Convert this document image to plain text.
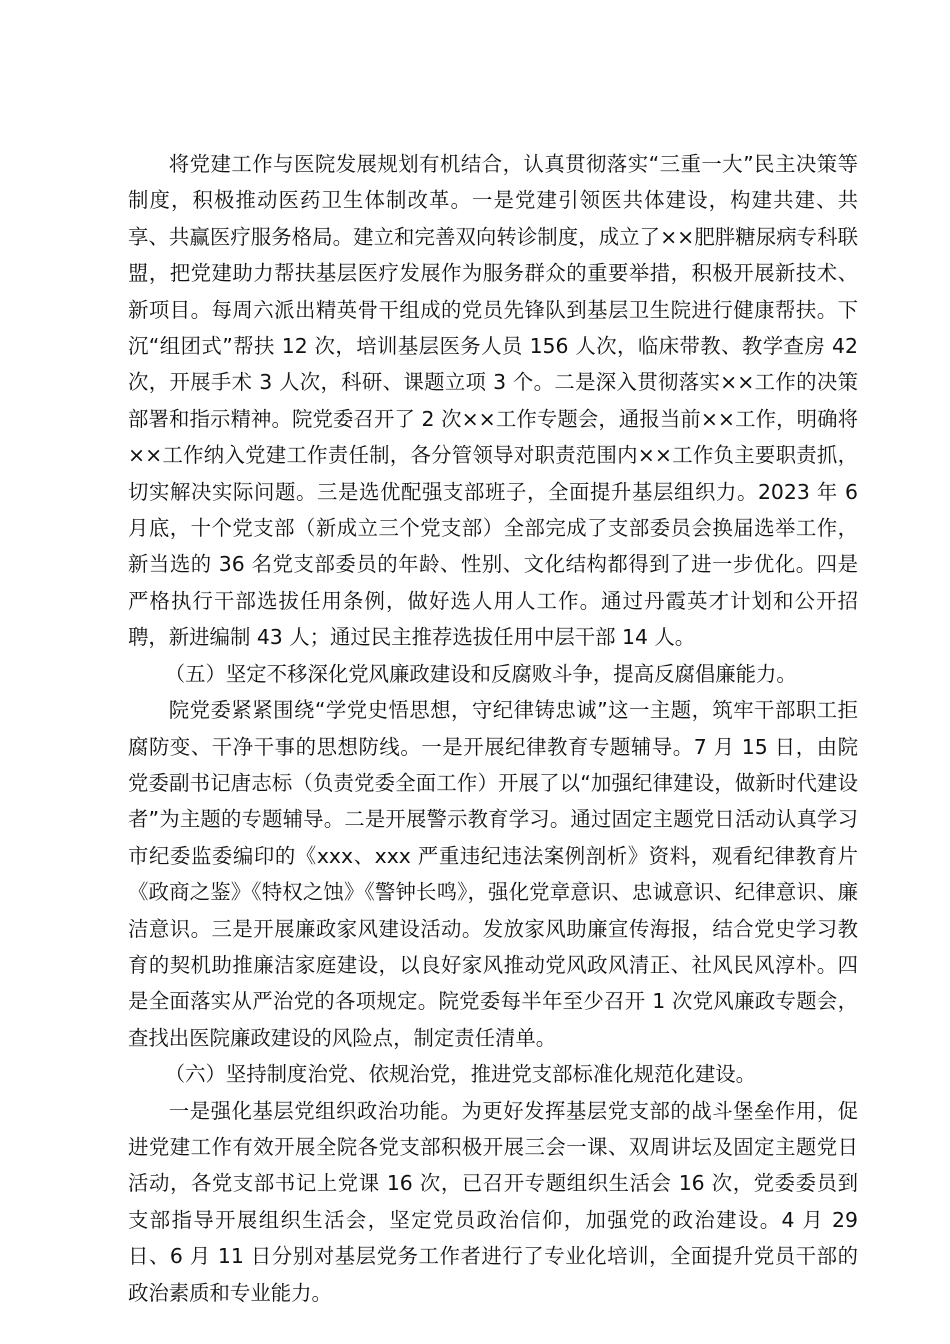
将党建工作与医院发展规划有机结合，认真贯彻落实“三重一大”民主决策等制度，积极推动医药卫生体制改革。一是党建引领医共体建设，构建共建、共享、共赢医疗服务格局。建立和完善双向转诊制度，成立了××肥胖糖尿病专科联盟，把党建助力帮扶基层医疗发展作为服务群众的重要举措，积极开展新技术、新项目。每周六派出精英骨干组成的党员先锋队到基层卫生院进行健康帮扶。下沉“组团式”帮扶 12 次，培训基层医务人员 156 人次，临床带教、教学查房 42 次，开展手术 3 人次，科研、课题立项 3 个。二是深入贯彻落实××工作的决策部署和指示精神。院党委召开了 2 次××工作专题会，通报当前××工作，明确将××工作纳入党建工作责任制，各分管领导对职责范围内××工作负主要职责抓，切实解决实际问题。三是选优配强支部班子，全面提升基层组织力。2023 年 6 月底，十个党支部（新成立三个党支部）全部完成了支部委员会换届选举工作，新当选的 36 名党支部委员的年龄、性别、文化结构都得到了进一步优化。四是严格执行干部选拔任用条例，做好选人用人工作。通过丹霞英才计划和公开招聘，新进编制 43 人；通过民主推荐选拔任用中层干部 14 人。

（五）坚定不移深化党风廉政建设和反腐败斗争，提高反腐倡廉能力。

院党委紧紧围绕“学党史悟思想，守纪律铸忠诚”这一主题，筑牢干部职工拒腐防变、干净干事的思想防线。一是开展纪律教育专题辅导。7 月 15 日，由院党委副书记唐志标（负责党委全面工作）开展了以“加强纪律建设，做新时代建设者”为主题的专题辅导。二是开展警示教育学习。通过固定主题党日活动认真学习市纪委监委编印的《xxx、xxx 严重违纪违法案例剖析》资料，观看纪律教育片《政商之鉴》《特权之蚀》《警钟长鸣》，强化党章意识、忠诚意识、纪律意识、廉洁意识。三是开展廉政家风建设活动。发放家风助廉宣传海报，结合党史学习教育的契机助推廉洁家庭建设，以良好家风推动党风政风清正、社风民风淳朴。四是全面落实从严治党的各项规定。院党委每半年至少召开 1 次党风廉政专题会，查找出医院廉政建设的风险点，制定责任清单。

（六）坚持制度治党、依规治党，推进党支部标准化规范化建设。

一是强化基层党组织政治功能。为更好发挥基层党支部的战斗堡垒作用，促进党建工作有效开展全院各党支部积极开展三会一课、双周讲坛及固定主题党日活动，各党支部书记上党课 16 次，已召开专题组织生活会 16 次，党委委员到支部指导开展组织生活会，坚定党员政治信仰，加强党的政治建设。4 月 29 日、6 月 11 日分别对基层党务工作者进行了专业化培训，全面提升党员干部的政治素质和专业能力。
